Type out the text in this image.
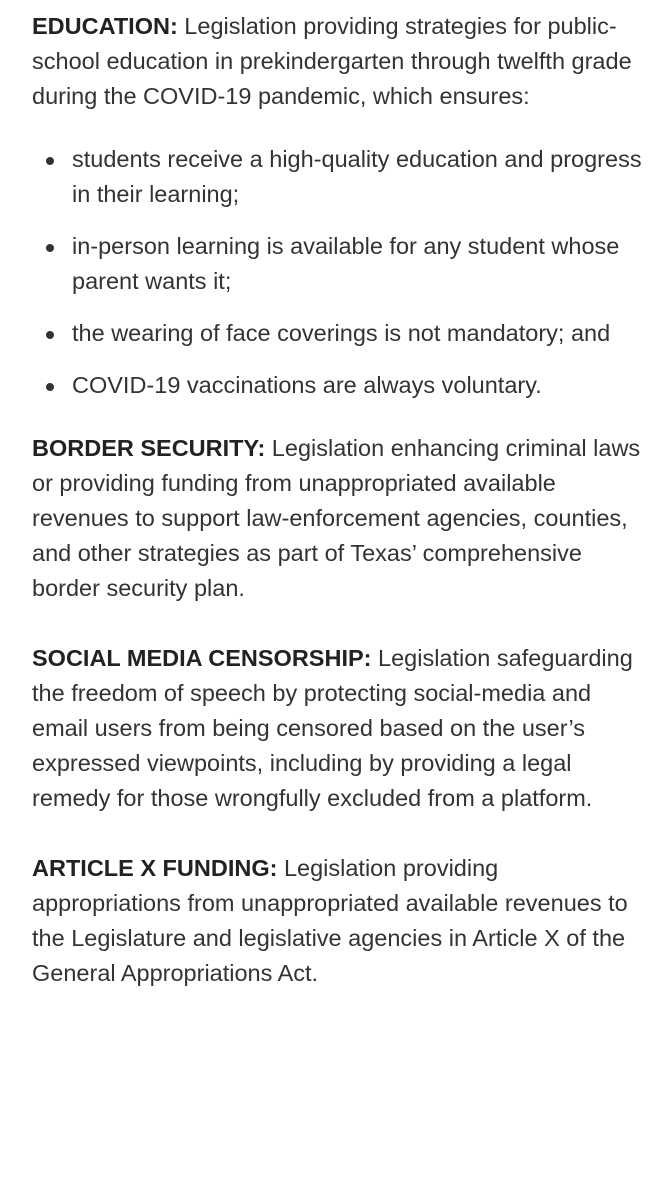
EDUCATION: Legislation providing strategies for public-school education in prekindergarten through twelfth grade during the COVID-19 pandemic, which ensures:

students receive a high-quality education and progress in their learning;
in-person learning is available for any student whose parent wants it;
the wearing of face coverings is not mandatory; and
COVID-19 vaccinations are always voluntary.

BORDER SECURITY: Legislation enhancing criminal laws or providing funding from unappropriated available revenues to support law-enforcement agencies, counties, and other strategies as part of Texas’ comprehensive border security plan.

SOCIAL MEDIA CENSORSHIP: Legislation safeguarding the freedom of speech by protecting social-media and email users from being censored based on the user’s expressed viewpoints, including by providing a legal remedy for those wrongfully excluded from a platform.

ARTICLE X FUNDING: Legislation providing appropriations from unappropriated available revenues to the Legislature and legislative agencies in Article X of the General Appropriations Act.
